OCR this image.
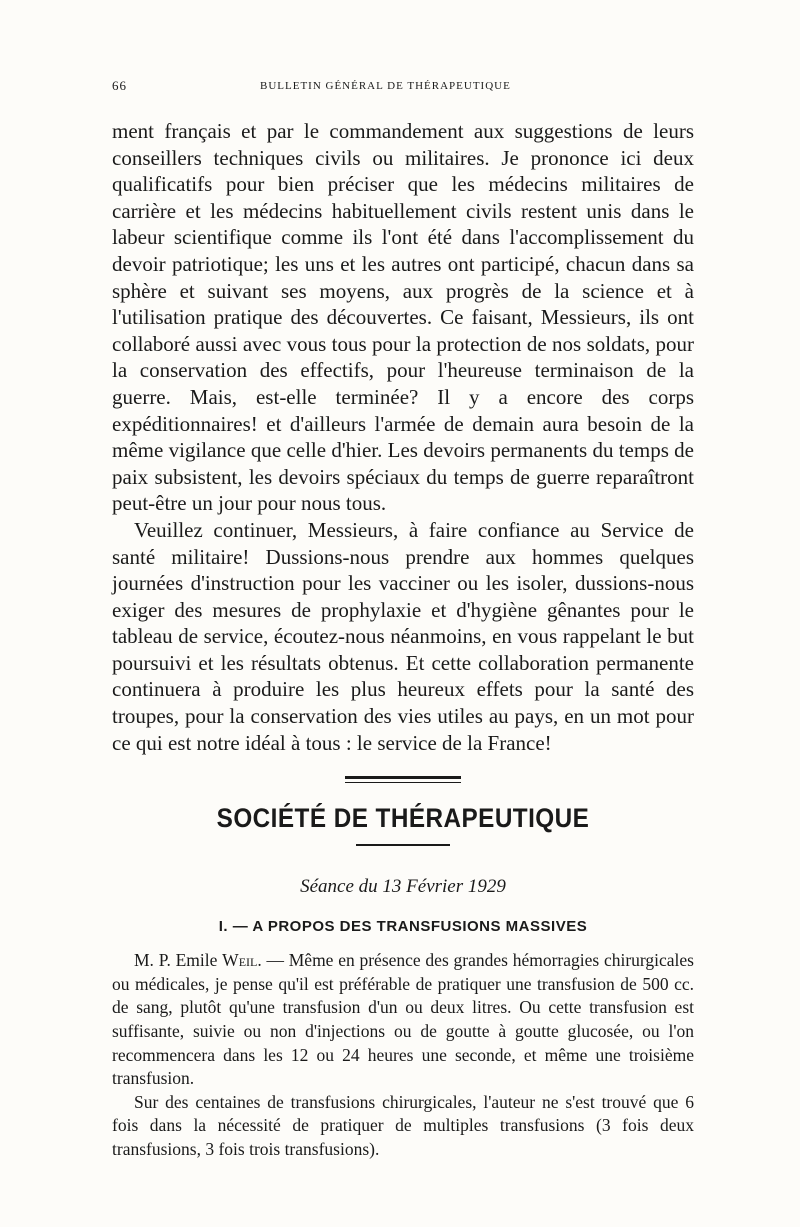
66	BULLETIN GÉNÉRAL DE THÉRAPEUTIQUE

ment français et par le commandement aux suggestions de leurs conseillers techniques civils ou militaires. Je prononce ici deux qualificatifs pour bien préciser que les médecins militaires de carrière et les médecins habituellement civils restent unis dans le labeur scientifique comme ils l'ont été dans l'accomplissement du devoir patriotique; les uns et les autres ont participé, chacun dans sa sphère et suivant ses moyens, aux progrès de la science et à l'utilisation pratique des découvertes. Ce faisant, Messieurs, ils ont collaboré aussi avec vous tous pour la protection de nos soldats, pour la conservation des effectifs, pour l'heureuse terminaison de la guerre. Mais, est-elle terminée? Il y a encore des corps expéditionnaires! et d'ailleurs l'armée de demain aura besoin de la même vigilance que celle d'hier. Les devoirs permanents du temps de paix subsistent, les devoirs spéciaux du temps de guerre reparaîtront peut-être un jour pour nous tous.

Veuillez continuer, Messieurs, à faire confiance au Service de santé militaire! Dussions-nous prendre aux hommes quelques journées d'instruction pour les vacciner ou les isoler, dussions-nous exiger des mesures de prophylaxie et d'hygiène gênantes pour le tableau de service, écoutez-nous néanmoins, en vous rappelant le but poursuivi et les résultats obtenus. Et cette collaboration permanente continuera à produire les plus heureux effets pour la santé des troupes, pour la conservation des vies utiles au pays, en un mot pour ce qui est notre idéal à tous : le service de la France!

SOCIÉTÉ DE THÉRAPEUTIQUE
Séance du 13 Février 1929
I. — A PROPOS DES TRANSFUSIONS MASSIVES

M. P. Emile Weil. — Même en présence des grandes hémorragies chirurgicales ou médicales, je pense qu'il est préférable de pratiquer une transfusion de 500 cc. de sang, plutôt qu'une transfusion d'un ou deux litres. Ou cette transfusion est suffisante, suivie ou non d'injections ou de goutte à goutte glucosée, ou l'on recommencera dans les 12 ou 24 heures une seconde, et même une troisième transfusion.

Sur des centaines de transfusions chirurgicales, l'auteur ne s'est trouvé que 6 fois dans la nécessité de pratiquer de multiples transfusions (3 fois deux transfusions, 3 fois trois transfusions).
